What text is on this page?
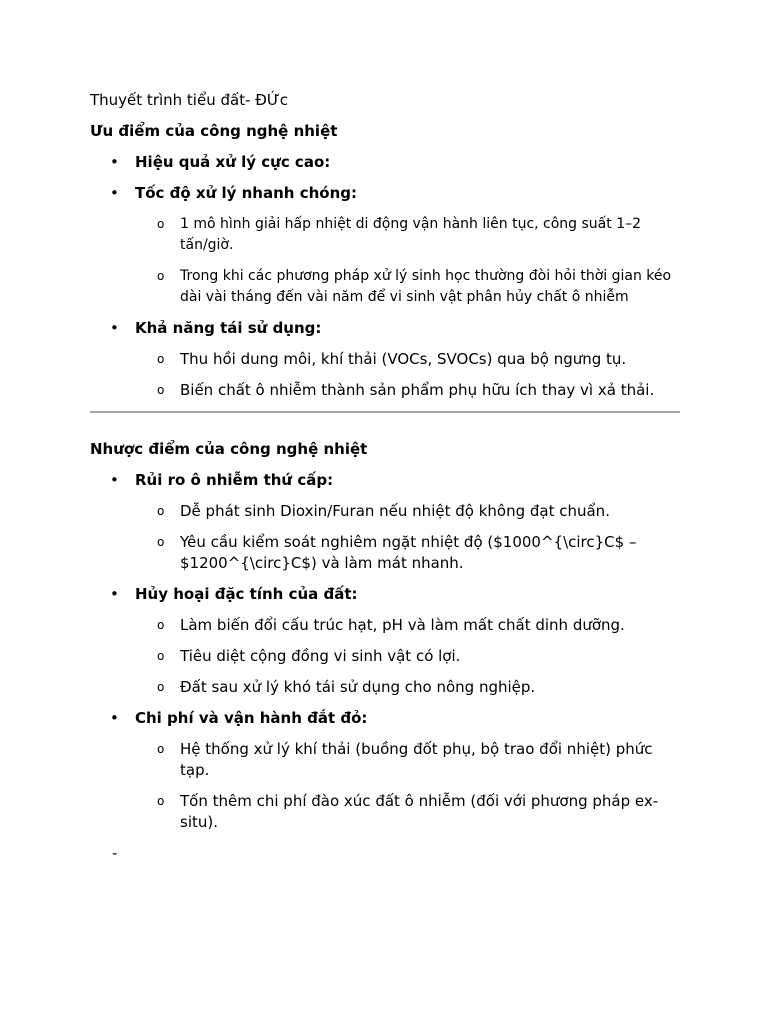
Thuyết trình tiểu đất- ĐỨc

Ưu điểm của công nghệ nhiệt

• Hiệu quả xử lý cực cao:
• Tốc độ xử lý nhanh chóng:
o 1 mô hình giải hấp nhiệt di động vận hành liên tục, công suất 1–2 tấn/giờ.
o Trong khi các phương pháp xử lý sinh học thường đòi hỏi thời gian kéo dài vài tháng đến vài năm để vi sinh vật phân hủy chất ô nhiễm
• Khả năng tái sử dụng:
o Thu hồi dung môi, khí thải (VOCs, SVOCs) qua bộ ngưng tụ.
o Biến chất ô nhiễm thành sản phẩm phụ hữu ích thay vì xả thải.

Nhược điểm của công nghệ nhiệt

• Rủi ro ô nhiễm thứ cấp:
o Dễ phát sinh Dioxin/Furan nếu nhiệt độ không đạt chuẩn.
o Yêu cầu kiểm soát nghiêm ngặt nhiệt độ ($1000^{\circ}C$ – $1200^{\circ}C$) và làm mát nhanh.
• Hủy hoại đặc tính của đất:
o Làm biến đổi cấu trúc hạt, pH và làm mất chất dinh dưỡng.
o Tiêu diệt cộng đồng vi sinh vật có lợi.
o Đất sau xử lý khó tái sử dụng cho nông nghiệp.
• Chi phí và vận hành đắt đỏ:
o Hệ thống xử lý khí thải (buồng đốt phụ, bộ trao đổi nhiệt) phức tạp.
o Tốn thêm chi phí đào xúc đất ô nhiễm (đối với phương pháp ex-situ).
-
